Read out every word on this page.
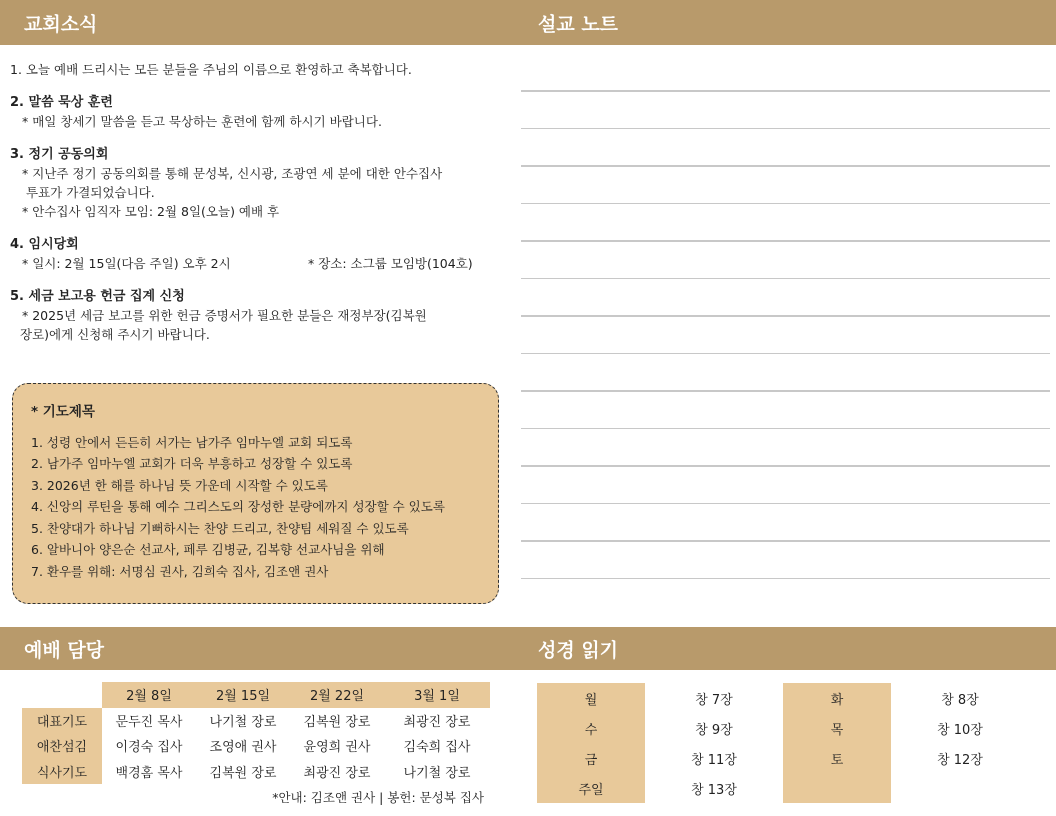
교회소식	설교 노트
1. 오늘 예배 드리시는 모든 분들을 주님의 이름으로 환영하고 축복합니다.
2. 말씀 묵상 훈련
* 매일 창세기 말씀을 듣고 묵상하는 훈련에 함께 하시기 바랍니다.
3. 정기 공동의회
* 지난주 정기 공동의회를 통해 문성복, 신시광, 조광연 세 분에 대한 안수집사
투표가 가결되었습니다.
* 안수집사 임직자 모임: 2월 8일(오늘) 예배 후
4. 임시당회
* 일시: 2월 15일(다음 주일) 오후 2시	* 장소: 소그룹 모임방(104호)
5. 세금 보고용 헌금 집계 신청
* 2025년 세금 보고를 위한 헌금 증명서가 필요한 분들은 재정부장(김복원
장로)에게 신청해 주시기 바랍니다.
* 기도제목
1. 성령 안에서 든든히 서가는 남가주 임마누엘 교회 되도록
2. 남가주 임마누엘 교회가 더욱 부흥하고 성장할 수 있도록
3. 2026년 한 해를 하나님 뜻 가운데 시작할 수 있도록
4. 신앙의 루틴을 통해 예수 그리스도의 장성한 분량에까지 성장할 수 있도록
5. 찬양대가 하나님 기뻐하시는 찬양 드리고, 찬양팀 세워질 수 있도록
6. 알바니아 양은순 선교사, 페루 김병균, 김복향 선교사님을 위해
7. 환우를 위해: 서명심 권사, 김희숙 집사, 김조앤 권사
예배 담당	성경 읽기
	2월 8일	2월 15일	2월 22일	3월 1일
대표기도	문두진 목사	나기철 장로	김복원 장로	최광진 장로
애찬섬김	이경숙 집사	조영애 권사	윤영희 권사	김숙희 집사
식사기도	백경홈 목사	김복원 장로	최광진 장로	나기철 장로
*안내: 김조앤 권사 | 봉헌: 문성복 집사				
월	창 7장	화	창 8장
수	창 9장	목	창 10장
금	창 11장	토	창 12장
주일	창 13장		
